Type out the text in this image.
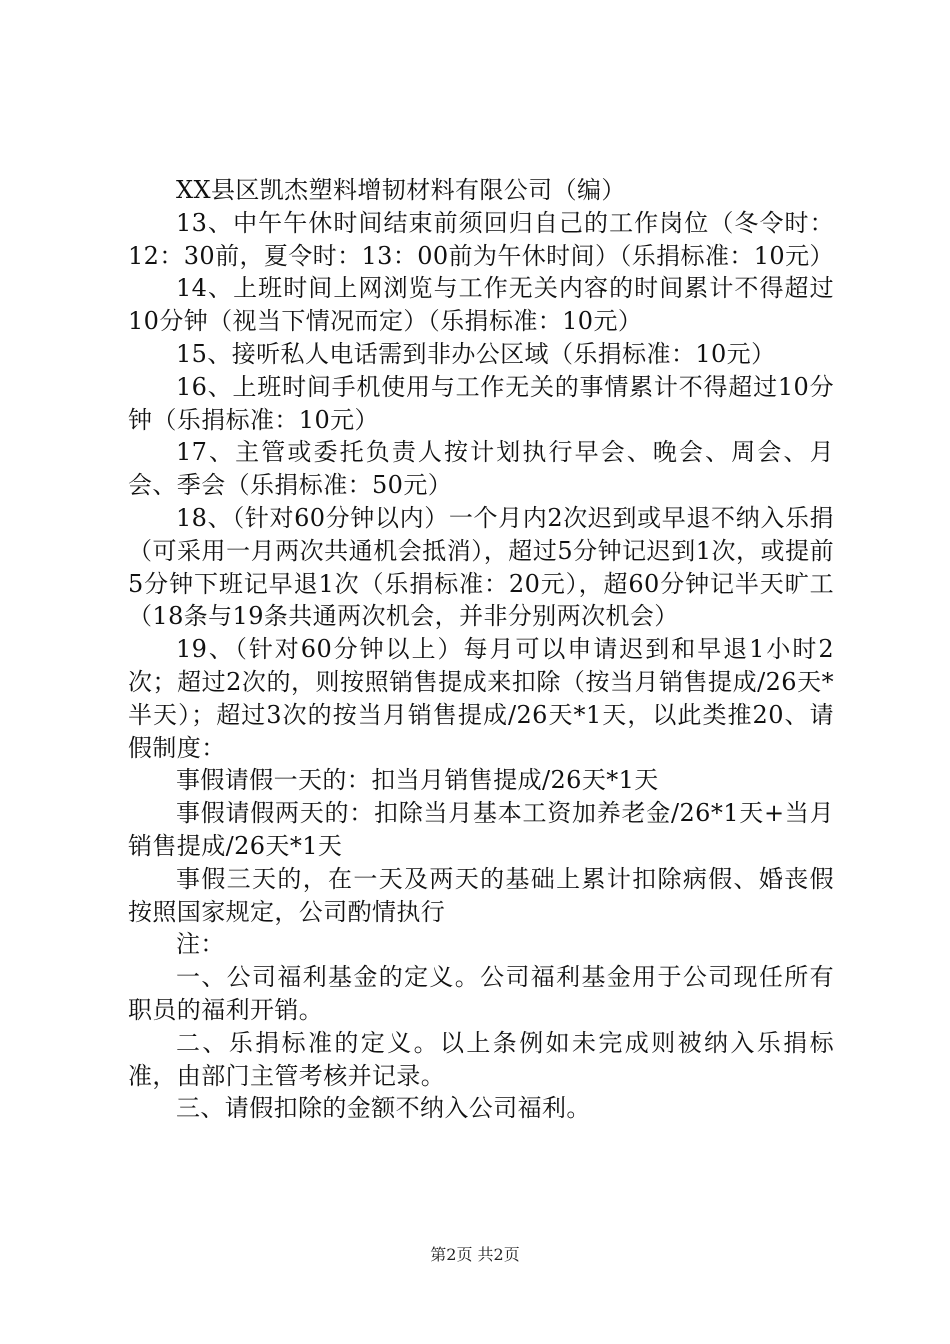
XX县区凯杰塑料增韧材料有限公司（编）

13、中午午休时间结束前须回归自己的工作岗位（冬令时：12：30前，夏令时：13：00前为午休时间）（乐捐标准：10元）

14、上班时间上网浏览与工作无关内容的时间累计不得超过10分钟（视当下情况而定）（乐捐标准：10元）

15、接听私人电话需到非办公区域（乐捐标准：10元）

16、上班时间手机使用与工作无关的事情累计不得超过10分钟（乐捐标准：10元）

17、主管或委托负责人按计划执行早会、晚会、周会、月会、季会（乐捐标准：50元）

18、（针对60分钟以内）一个月内2次迟到或早退不纳入乐捐（可采用一月两次共通机会抵消），超过5分钟记迟到1次，或提前5分钟下班记早退1次（乐捐标准：20元），超60分钟记半天旷工（18条与19条共通两次机会，并非分别两次机会）

19、（针对60分钟以上）每月可以申请迟到和早退1小时2次；超过2次的，则按照销售提成来扣除（按当月销售提成/26天*半天）；超过3次的按当月销售提成/26天*1天，以此类推20、请假制度：

事假请假一天的：扣当月销售提成/26天*1天

事假请假两天的：扣除当月基本工资加养老金/26*1天+当月销售提成/26天*1天

事假三天的，在一天及两天的基础上累计扣除病假、婚丧假按照国家规定，公司酌情执行

注：

一、公司福利基金的定义。公司福利基金用于公司现任所有职员的福利开销。

二、乐捐标准的定义。以上条例如未完成则被纳入乐捐标准，由部门主管考核并记录。

三、请假扣除的金额不纳入公司福利。

第2页 共2页
